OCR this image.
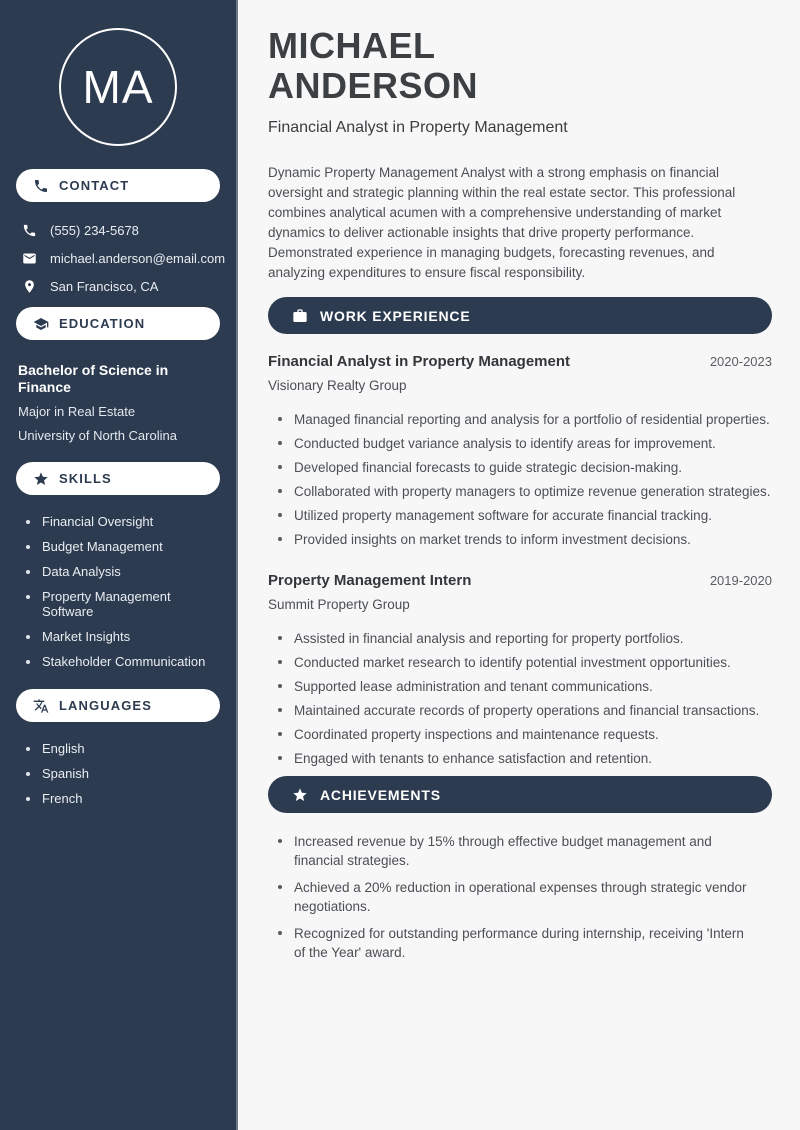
MA
CONTACT
(555) 234-5678
michael.anderson@email.com
San Francisco, CA
EDUCATION
Bachelor of Science in Finance
Major in Real Estate
University of North Carolina
SKILLS
Financial Oversight
Budget Management
Data Analysis
Property Management Software
Market Insights
Stakeholder Communication
LANGUAGES
English
Spanish
French
MICHAEL
ANDERSON
Financial Analyst in Property Management

Dynamic Property Management Analyst with a strong emphasis on financial oversight and strategic planning within the real estate sector. This professional combines analytical acumen with a comprehensive understanding of market dynamics to deliver actionable insights that drive property performance. Demonstrated experience in managing budgets, forecasting revenues, and analyzing expenditures to ensure fiscal responsibility.

WORK EXPERIENCE
Financial Analyst in Property Management	2020-2023
Visionary Realty Group
Managed financial reporting and analysis for a portfolio of residential properties.
Conducted budget variance analysis to identify areas for improvement.
Developed financial forecasts to guide strategic decision-making.
Collaborated with property managers to optimize revenue generation strategies.
Utilized property management software for accurate financial tracking.
Provided insights on market trends to inform investment decisions.
Property Management Intern	2019-2020
Summit Property Group
Assisted in financial analysis and reporting for property portfolios.
Conducted market research to identify potential investment opportunities.
Supported lease administration and tenant communications.
Maintained accurate records of property operations and financial transactions.
Coordinated property inspections and maintenance requests.
Engaged with tenants to enhance satisfaction and retention.
ACHIEVEMENTS
Increased revenue by 15% through effective budget management and financial strategies.
Achieved a 20% reduction in operational expenses through strategic vendor negotiations.
Recognized for outstanding performance during internship, receiving 'Intern of the Year' award.
